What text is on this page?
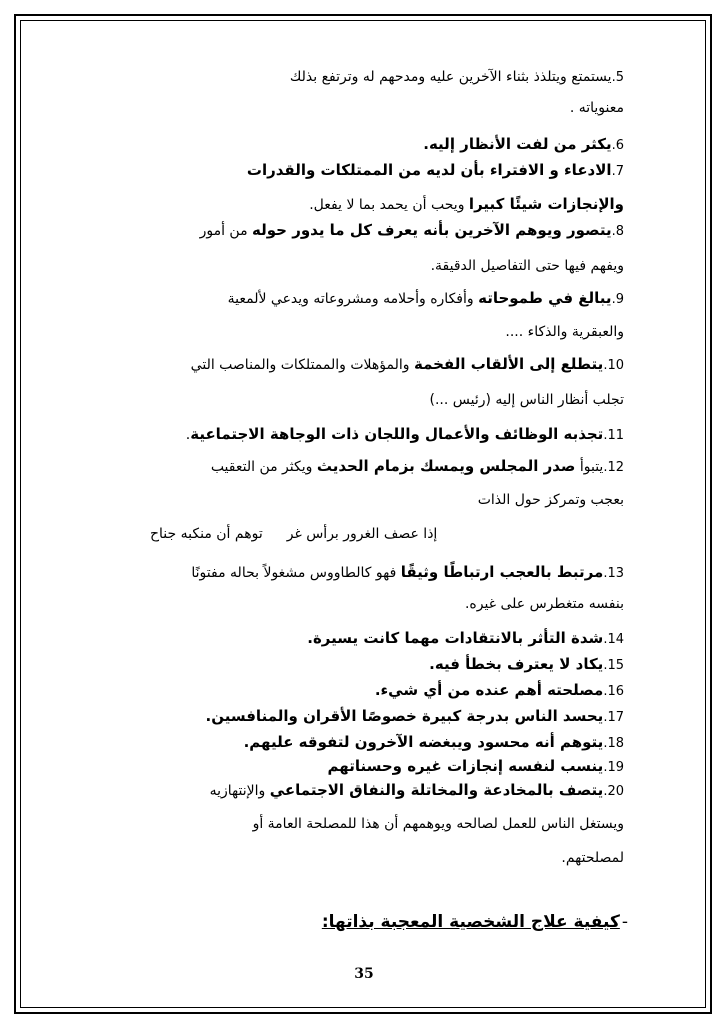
5.يستمتع ويتلذذ بثناء الآخرين عليه ومدحهم له وترتفع بذلك
معنوياته .
6.يكثر من لفت الأنظار إليه.
7.الادعاء و الافتراء بأن لديه من الممتلكات والقدرات
والإنجازات شيئًا كبيرا ويحب أن يحمد بما لا يفعل.
8.يتصور ويوهم الآخرين بأنه يعرف كل ما يدور حوله من أمور
ويفهم فيها حتى التفاصيل الدقيقة.
9.يبالغ في طموحاته وأفكاره وأحلامه ومشروعاته ويدعي لألمعية
والعبقرية والذكاء ....
10.يتطلع إلى الألقاب الفخمة والمؤهلات والممتلكات والمناصب التي
تجلب أنظار الناس إليه (رئيس ...)
11.تجذبه الوظائف والأعمال واللجان ذات الوجاهة الاجتماعية.
12.يتبوأ صدر المجلس ويمسك بزمام الحديث ويكثر من التعقيب
بعجب وتمركز حول الذات
إذا عصف الغرور برأس غرتوهم أن منكبه جناح
13.مرتبط بالعجب ارتباطًا وثيقًا فهو كالطاووس مشغولاً بحاله مفتونًا
بنفسه متغطرس على غيره.
14.شدة التأثر بالانتقادات مهما كانت يسيرة.
15.يكاد لا يعترف بخطأ فيه.
16.مصلحته أهم عنده من أي شيء.
17.يحسد الناس بدرجة كبيرة خصوصًا الأقران والمنافسين.
18.يتوهم أنه محسود ويبغضه الآخرون لتفوقه عليهم.
19.ينسب لنفسه إنجازات غيره وحسناتهم
20.يتصف بالمخادعة والمخاتلة والنفاق الاجتماعي والإنتهازيه
ويستغل الناس للعمل لصالحه ويوهمهم أن هذا للمصلحة العامة أو
لمصلحتهم.
-كيفية علاج الشخصية المعجبة بذاتها:
35
